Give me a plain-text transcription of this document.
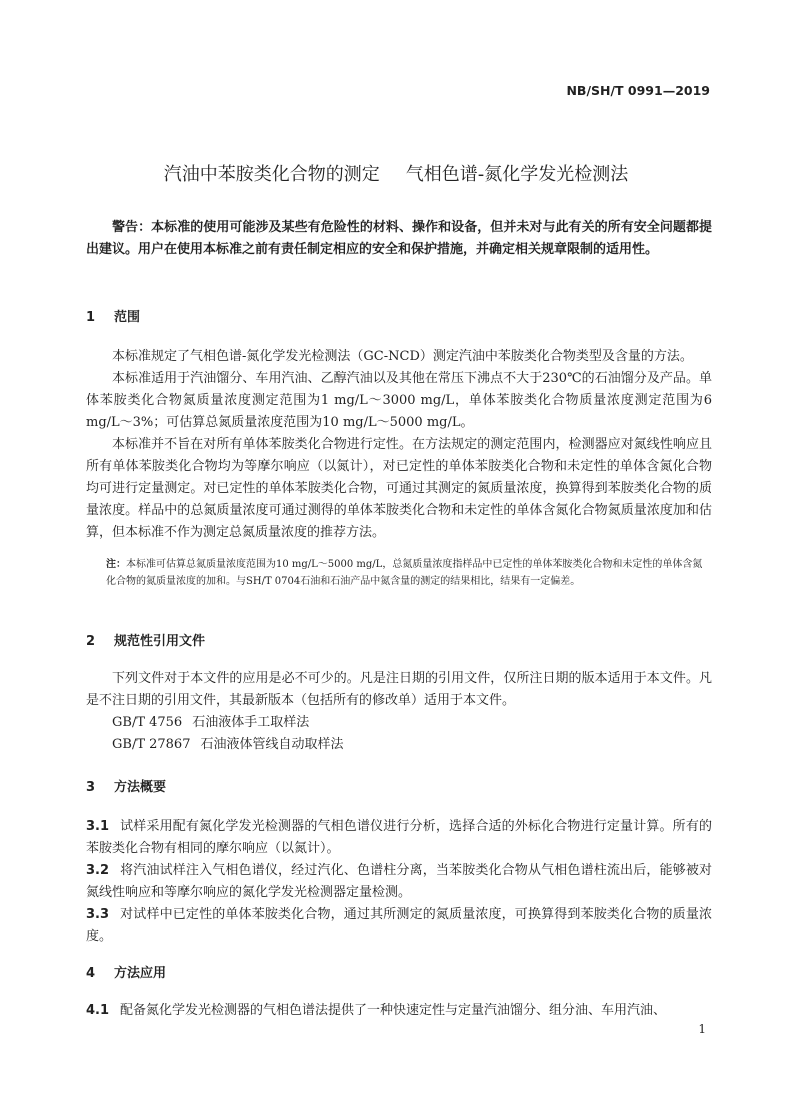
NB/SH/T 0991—2019
汽油中苯胺类化合物的测定 气相色谱-氮化学发光检测法
警告：本标准的使用可能涉及某些有危险性的材料、操作和设备，但并未对与此有关的所有安全问题都提出建议。用户在使用本标准之前有责任制定相应的安全和保护措施，并确定相关规章限制的适用性。
1 范围

本标准规定了气相色谱-氮化学发光检测法（GC-NCD）测定汽油中苯胺类化合物类型及含量的方法。

本标准适用于汽油馏分、车用汽油、乙醇汽油以及其他在常压下沸点不大于230℃的石油馏分及产品。单体苯胺类化合物氮质量浓度测定范围为1 mg/L～3000 mg/L，单体苯胺类化合物质量浓度测定范围为6 mg/L～3%；可估算总氮质量浓度范围为10 mg/L～5000 mg/L。

本标准并不旨在对所有单体苯胺类化合物进行定性。在方法规定的测定范围内，检测器应对氮线性响应且所有单体苯胺类化合物均为等摩尔响应（以氮计），对已定性的单体苯胺类化合物和未定性的单体含氮化合物均可进行定量测定。对已定性的单体苯胺类化合物，可通过其测定的氮质量浓度，换算得到苯胺类化合物的质量浓度。样品中的总氮质量浓度可通过测得的单体苯胺类化合物和未定性的单体含氮化合物氮质量浓度加和估算，但本标准不作为测定总氮质量浓度的推荐方法。

注：本标准可估算总氮质量浓度范围为10 mg/L～5000 mg/L，总氮质量浓度指样品中已定性的单体苯胺类化合物和未定性的单体含氮化合物的氮质量浓度的加和。与SH/T 0704石油和石油产品中氮含量的测定的结果相比，结果有一定偏差。
2 规范性引用文件

下列文件对于本文件的应用是必不可少的。凡是注日期的引用文件，仅所注日期的版本适用于本文件。凡是不注日期的引用文件，其最新版本（包括所有的修改单）适用于本文件。

GB/T 4756 石油液体手工取样法

GB/T 27867 石油液体管线自动取样法

3 方法概要

3.1 试样采用配有氮化学发光检测器的气相色谱仪进行分析，选择合适的外标化合物进行定量计算。所有的苯胺类化合物有相同的摩尔响应（以氮计）。

3.2 将汽油试样注入气相色谱仪，经过汽化、色谱柱分离，当苯胺类化合物从气相色谱柱流出后，能够被对氮线性响应和等摩尔响应的氮化学发光检测器定量检测。

3.3 对试样中已定性的单体苯胺类化合物，通过其所测定的氮质量浓度，可换算得到苯胺类化合物的质量浓度。

4 方法应用

4.1 配备氮化学发光检测器的气相色谱法提供了一种快速定性与定量汽油馏分、组分油、车用汽油、

1
